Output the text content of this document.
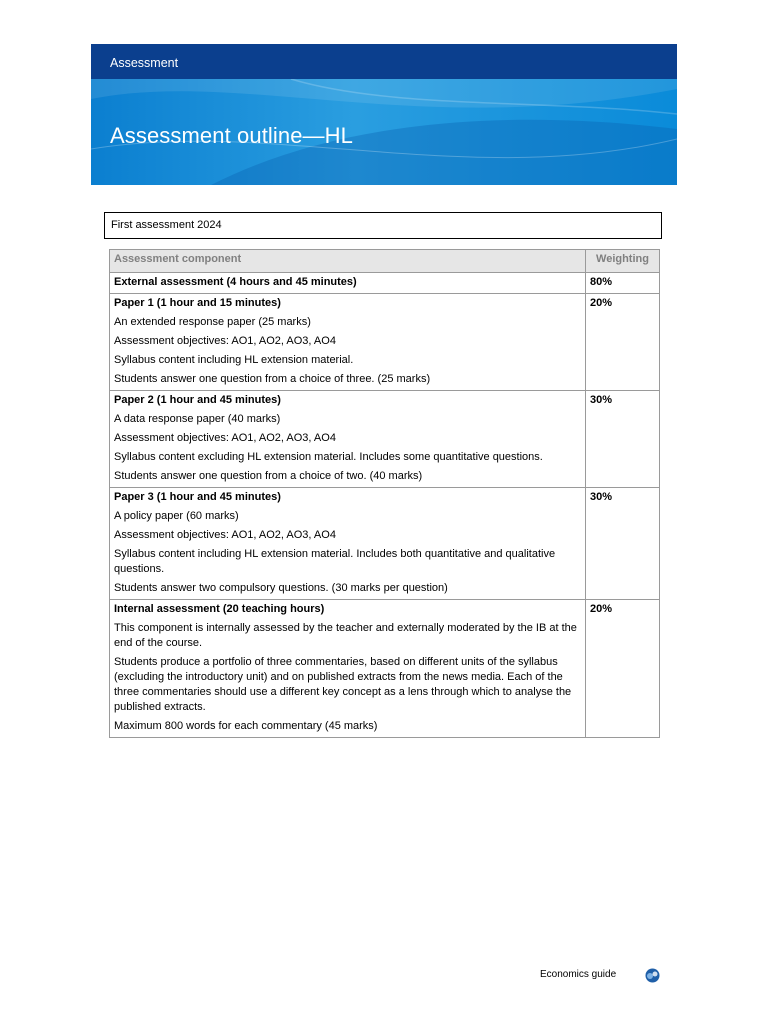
Assessment
Assessment outline—HL
First assessment 2024
Assessment component	Weighting
External assessment (4 hours and 45 minutes)	80%

Paper 1 (1 hour and 15 minutes)

An extended response paper (25 marks)

Assessment objectives: AO1, AO2, AO3, AO4

Syllabus content including HL extension material.

Students answer one question from a choice of three. (25 marks)	20%

Paper 2 (1 hour and 45 minutes)

A data response paper (40 marks)

Assessment objectives: AO1, AO2, AO3, AO4

Syllabus content excluding HL extension material. Includes some quantitative questions.

Students answer one question from a choice of two. (40 marks)	30%

Paper 3 (1 hour and 45 minutes)

A policy paper (60 marks)

Assessment objectives: AO1, AO2, AO3, AO4

Syllabus content including HL extension material. Includes both quantitative and qualitative questions.

Students answer two compulsory questions. (30 marks per question)	30%

Internal assessment (20 teaching hours)

This component is internally assessed by the teacher and externally moderated by the IB at the end of the course.

Students produce a portfolio of three commentaries, based on different units of the syllabus (excluding the introductory unit) and on published extracts from the news media. Each of the three commentaries should use a different key concept as a lens through which to analyse the published extracts.

Maximum 800 words for each commentary (45 marks)	20%
Economics guide
